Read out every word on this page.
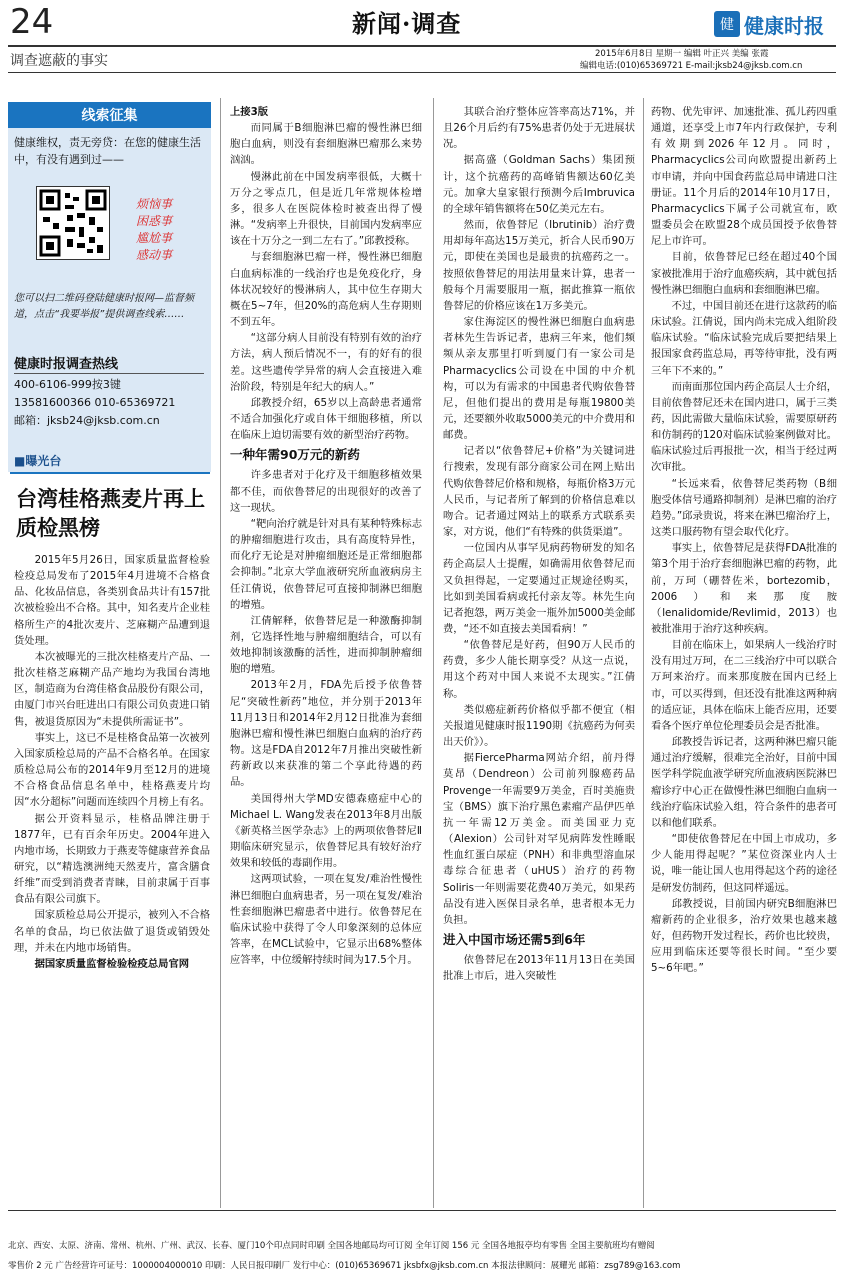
24	新闻·调查	健 健康时报
调查遮蔽的事实	2015年6月8日 星期一 编辑 叶正兴 美编 张霞
编辑电话:(010)65369721 E-mail:jksb24@jksb.com.cn
线索征集
健康维权，责无旁贷：在您的健康生活中，有没有遇到过——
烦恼事
困惑事
尴尬事
感动事
您可以扫二维码登陆健康时报网—监督频道，点击“我要举报”提供调查线索……
健康时报调查热线
400-6106-999按3键
13581600366 010-65369721
邮箱：jksb24@jksb.com.cn
■曝光台
台湾桂格燕麦片再上质检黑榜

2015年5月26日，国家质量监督检验检疫总局发布了2015年4月进境不合格食品、化妆品信息，各类别食品共计有157批次被检验出不合格。其中，知名麦片企业桂格所生产的4批次麦片、芝麻糊产品遭到退货处理。

本次被曝光的三批次桂格麦片产品、一批次桂格芝麻糊产品产地均为我国台湾地区，制造商为台湾佳格食品股份有限公司，由厦门市兴台旺进出口有限公司负责进口销售，被退货原因为“未提供所需证书”。

事实上，这已不是桂格食品第一次被列入国家质检总局的产品不合格名单。在国家质检总局公布的2014年9月至12月的进境不合格食品信息名单中，桂格燕麦片均因“水分超标”问题而连续四个月榜上有名。

据公开资料显示，桂格品牌注册于1877年，已有百余年历史。2004年进入内地市场，长期致力于燕麦等健康营养食品研究，以“精选澳洲纯天然麦片，富含膳食纤维”而受到消费者青睐，目前隶属于百事食品有限公司旗下。

国家质检总局公开提示，被列入不合格名单的食品，均已依法做了退货或销毁处理，并未在内地市场销售。

据国家质量监督检验检疫总局官网

上接3版

而同属于B细胞淋巴瘤的慢性淋巴细胞白血病，则没有套细胞淋巴瘤那么来势汹汹。

慢淋此前在中国发病率很低，大概十万分之零点几，但是近几年常规体检增多，很多人在医院体检时被查出得了慢淋。“发病率上升很快，目前国内发病率应该在十万分之一到二左右了。”邱教授称。

与套细胞淋巴瘤一样，慢性淋巴细胞白血病标准的一线治疗也是免疫化疗，身体状况较好的慢淋病人，其中位生存期大概在5~7年，但20%的高危病人生存期则不到五年。

“这部分病人目前没有特别有效的治疗方法，病人预后情况不一，有的好有的很差。这些遗传学异常的病人会直接进入难治阶段，特别是年纪大的病人。”

邱教授介绍，65岁以上高龄患者通常不适合加强化疗或自体干细胞移植，所以在临床上迫切需要有效的新型治疗药物。

一种年需90万元的新药

许多患者对于化疗及干细胞移植效果都不佳，而依鲁替尼的出现很好的改善了这一现状。

“靶向治疗就是针对具有某种特殊标志的肿瘤细胞进行攻击，具有高度特异性，而化疗无论是对肿瘤细胞还是正常细胞都会抑制。”北京大学血液研究所血液病房主任江倩说，依鲁替尼可直接抑制淋巴细胞的增殖。

江倩解释，依鲁替尼是一种激酶抑制剂，它选择性地与肿瘤细胞结合，可以有效地抑制该激酶的活性，进而抑制肿瘤细胞的增殖。

2013年2月，FDA先后授予依鲁替尼“突破性新药”地位，并分别于2013年11月13日和2014年2月12日批准为套细胞淋巴瘤和慢性淋巴细胞白血病的治疗药物。这是FDA自2012年7月推出突破性新药新政以来获准的第二个享此待遇的药品。

美国得州大学MD安德森癌症中心的Michael L. Wang发表在2013年8月出版《新英格兰医学杂志》上的两项依鲁替尼Ⅱ期临床研究显示，依鲁替尼具有较好治疗效果和较低的毒副作用。

这两项试验，一项在复发/难治性慢性淋巴细胞白血病患者，另一项在复发/难治性套细胞淋巴瘤患者中进行。依鲁替尼在临床试验中获得了令人印象深刻的总体应答率，在MCL试验中，它显示出68%整体应答率，中位缓解持续时间为17.5个月。

其联合治疗整体应答率高达71%，并且26个月后约有75%患者仍处于无进展状况。

据高盛（Goldman Sachs）集团预计，这个抗癌药的高峰销售额达60亿美元。加拿大皇家银行预测今后Imbruvica的全球年销售额将在50亿美元左右。

然而，依鲁替尼（Ibrutinib）治疗费用却每年高达15万美元，折合人民币90万元，即使在美国也是最贵的抗癌药之一。按照依鲁替尼的用法用量来计算，患者一般每个月需要服用一瓶，据此推算一瓶依鲁替尼的价格应该在1万多美元。

家住海淀区的慢性淋巴细胞白血病患者林先生告诉记者，患病三年来，他们频频从亲友那里打听到厦门有一家公司是Pharmacyclics公司设在中国的中介机构，可以为有需求的中国患者代购依鲁替尼，但他们提出的费用是每瓶19800美元，还要额外收取5000美元的中介费用和邮费。

记者以“依鲁替尼+价格”为关键词进行搜索，发现有部分商家公司在网上贴出代购依鲁替尼价格和规格，每瓶价格3万元人民币，与记者所了解到的价格信息难以吻合。记者通过网站上的联系方式联系卖家，对方说，他们“有特殊的供货渠道”。

一位国内从事罕见病药物研发的知名药企高层人士提醒，如确需用依鲁替尼而又负担得起，一定要通过正规途径购买，比如到美国看病或托付亲友等。林先生向记者抱怨，两万美金一瓶外加5000美金邮费，“还不如直接去美国看病！”

“依鲁替尼是好药，但90万人民币的药费，多少人能长期享受？从这一点说，用这个药对中国人来说不太现实。”江倩称。

类似癌症新药价格似乎都不便宜（相关报道见健康时报1190期《抗癌药为何卖出天价》）。

据FiercePharma网站介绍，前丹得莫昂（Dendreon）公司前列腺癌药品Provenge一年需要9万美金，百时美施贵宝（BMS）旗下治疗黑色素瘤产品伊匹单抗一年需12万美金。而美国亚力克（Alexion）公司针对罕见病阵发性睡眠性血红蛋白尿症（PNH）和非典型溶血尿毒综合征患者（uHUS）治疗的药物Soliris一年则需要花费40万美元，如果药品没有进入医保目录名单，患者根本无力负担。

进入中国市场还需5到6年

依鲁替尼在2013年11月13日在美国批准上市后，进入突破性

药物、优先审评、加速批准、孤儿药四重通道，还享受上市7年内行政保护，专利有效期到2026年12月。同时，Pharmacyclics公司向欧盟提出新药上市申请，并向中国食药监总局申请进口注册证。11个月后的2014年10月17日，Pharmacyclics下属子公司就宣布，欧盟委员会在欧盟28个成员国授予依鲁替尼上市许可。

目前，依鲁替尼已经在超过40个国家被批准用于治疗血癌疾病，其中就包括慢性淋巴细胞白血病和套细胞淋巴瘤。

不过，中国目前还在进行这款药的临床试验。江倩说，国内尚未完成入组阶段临床试验。“临床试验完成后要把结果上报国家食药监总局，再等待审批，没有两三年下不来的。”

而南面那位国内药企高层人士介绍，目前依鲁替尼还未在国内进口，属于三类药，因此需做大量临床试验，需要原研药和仿制药的120对临床试验案例做对比。临床试验过后再报批一次，相当于经过两次审批。

“长远来看，依鲁替尼类药物（B细胞受体信号通路抑制剂）是淋巴瘤的治疗趋势。”邱录贵说，将来在淋巴瘤治疗上，这类口服药物有望会取代化疗。

事实上，依鲁替尼是获得FDA批准的第3个用于治疗套细胞淋巴瘤的药物，此前，万珂（硼替佐米，bortezomib，2006）和来那度胺（lenalidomide/Revlimid，2013）也被批准用于治疗这种疾病。

目前在临床上，如果病人一线治疗时没有用过万珂，在二三线治疗中可以联合万珂来治疗。而来那度胺在国内已经上市，可以买得到，但还没有批准这两种病的适应证，具体在临床上能否应用，还要看各个医疗单位伦理委员会是否批准。

邱教授告诉记者，这两种淋巴瘤只能通过治疗缓解，很难完全治好，目前中国医学科学院血液学研究所血液病医院淋巴瘤诊疗中心正在做慢性淋巴细胞白血病一线治疗临床试验入组，符合条件的患者可以和他们联系。

“即使依鲁替尼在中国上市成功，多少人能用得起呢？”某位资深业内人士说，唯一能让国人也用得起这个药的途径是研发仿制药，但这同样遥远。

邱教授说，目前国内研究B细胞淋巴瘤新药的企业很多，治疗效果也越来越好，但药物开发过程长，药价也比较贵，应用到临床还要等很长时间。“至少要5~6年吧。”

北京、西安、太原、济南、常州、杭州、广州、武汉、长春、厦门10个印点同时印刷 全国各地邮局均可订阅 全年订阅 156 元 全国各地报亭均有零售 全国主要航班均有赠阅
零售价 2 元 广告经营许可证号：1000004000010 印刷：人民日报印刷厂 发行中心：(010)65369671 jksbfx@jksb.com.cn 本报法律顾问：展耀光 邮箱：zsg789@163.com
